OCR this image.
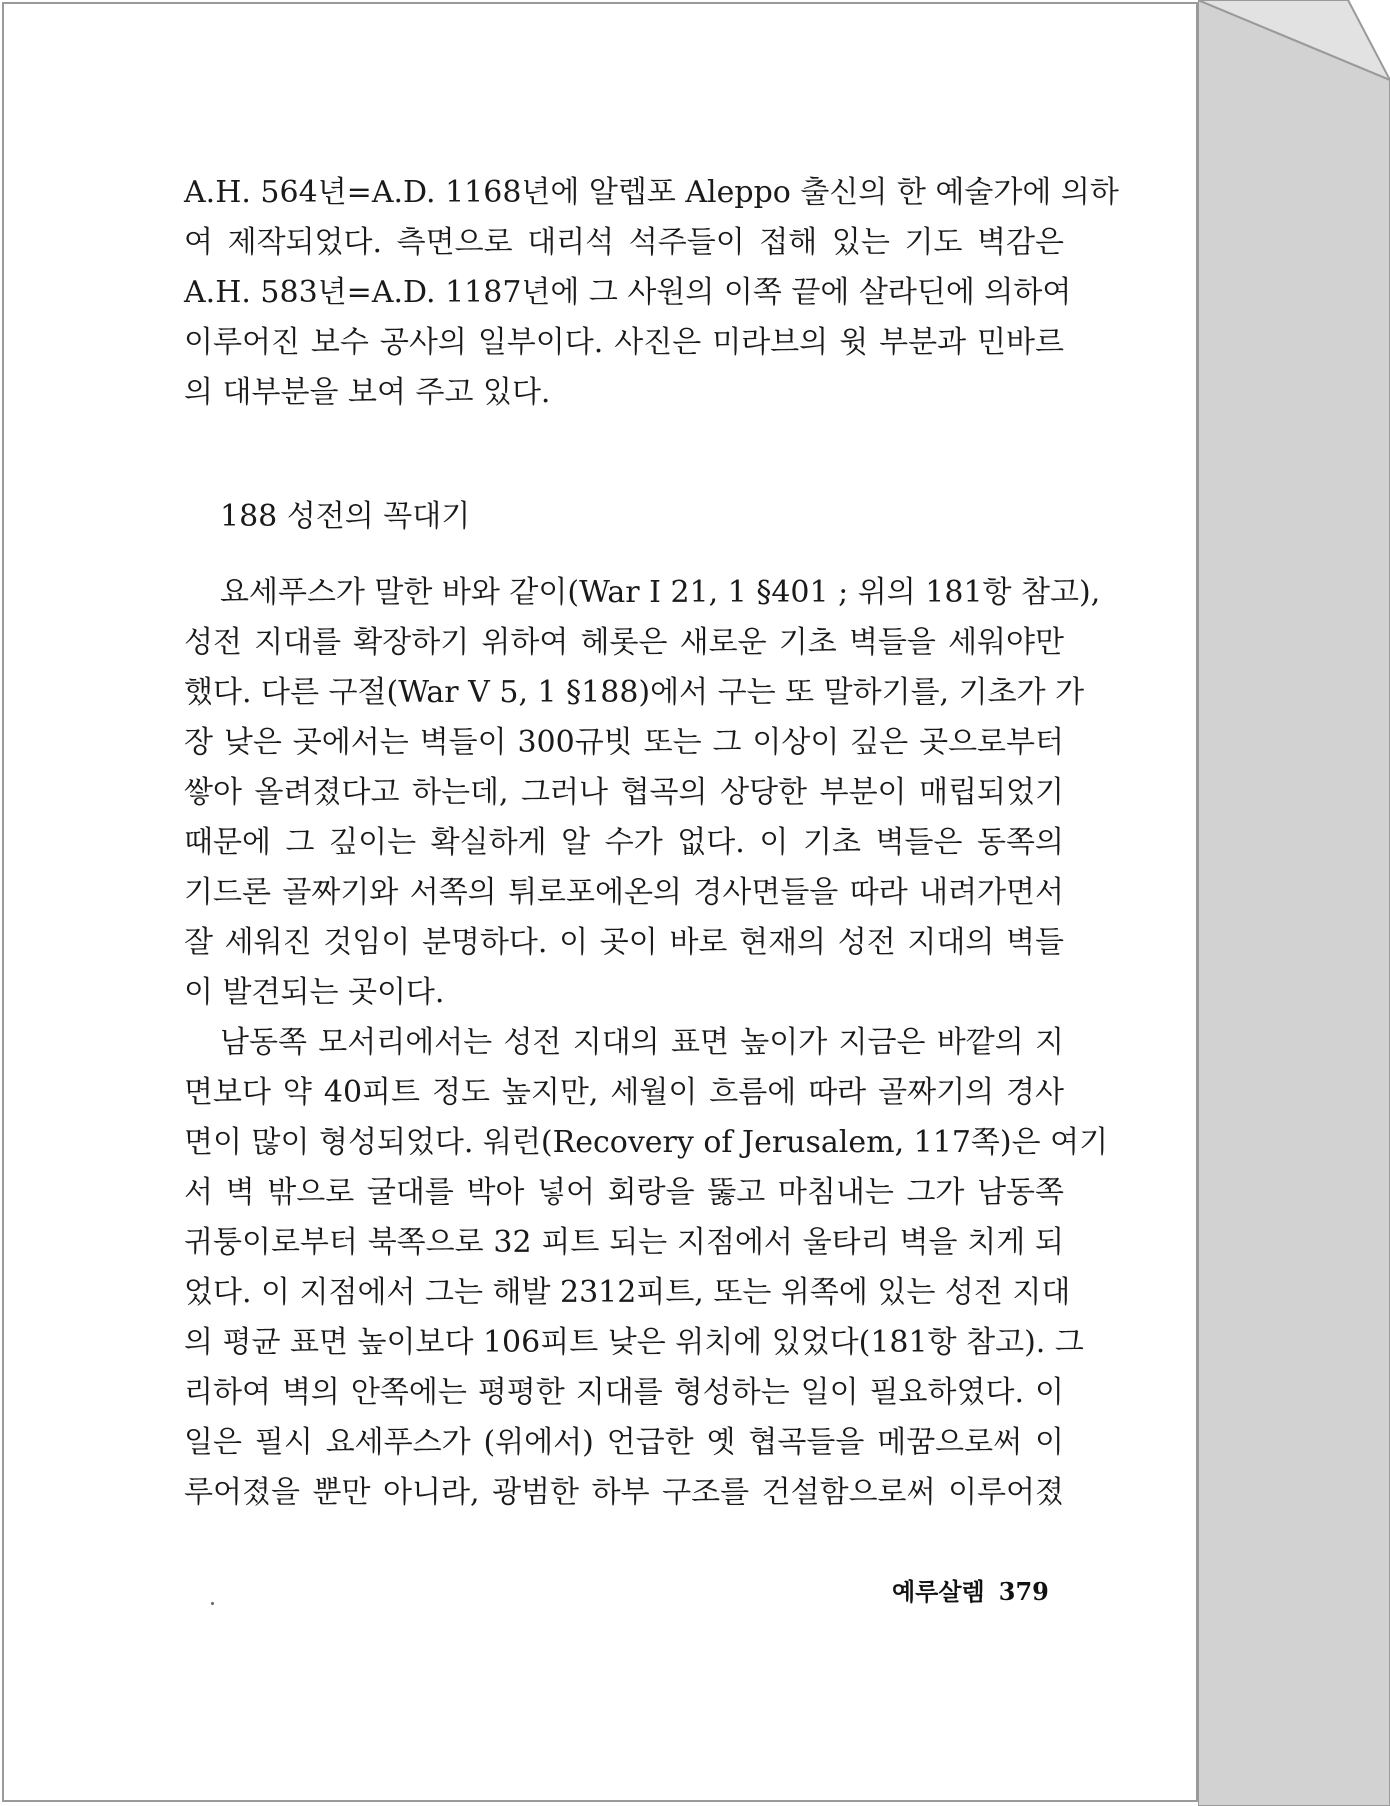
A.H. 564년=A.D. 1168년에 알렙포 Aleppo 출신의 한 예술가에 의하
여 제작되었다. 측면으로 대리석 석주들이 접해 있는 기도 벽감은
A.H. 583년=A.D. 1187년에 그 사원의 이쪽 끝에 살라딘에 의하여
이루어진 보수 공사의 일부이다. 사진은 미라브의 윗 부분과 민바르
의 대부분을 보여 주고 있다.
188 성전의 꼭대기
요세푸스가 말한 바와 같이(War I 21, 1 §401 ; 위의 181항 참고),
성전 지대를 확장하기 위하여 헤롯은 새로운 기초 벽들을 세워야만
했다. 다른 구절(War V 5, 1 §188)에서 구는 또 말하기를, 기초가 가
장 낮은 곳에서는 벽들이 300규빗 또는 그 이상이 깊은 곳으로부터
쌓아 올려졌다고 하는데, 그러나 협곡의 상당한 부분이 매립되었기
때문에 그 깊이는 확실하게 알 수가 없다. 이 기초 벽들은 동쪽의
기드론 골짜기와 서쪽의 튀로포에온의 경사면들을 따라 내려가면서
잘 세워진 것임이 분명하다. 이 곳이 바로 현재의 성전 지대의 벽들
이 발견되는 곳이다.
남동쪽 모서리에서는 성전 지대의 표면 높이가 지금은 바깥의 지
면보다 약 40피트 정도 높지만, 세월이 흐름에 따라 골짜기의 경사
면이 많이 형성되었다. 워런(Recovery of Jerusalem, 117쪽)은 여기
서 벽 밖으로 굴대를 박아 넣어 회랑을 뚫고 마침내는 그가 남동쪽
귀퉁이로부터 북쪽으로 32 피트 되는 지점에서 울타리 벽을 치게 되
었다. 이 지점에서 그는 해발 2312피트, 또는 위쪽에 있는 성전 지대
의 평균 표면 높이보다 106피트 낮은 위치에 있었다(181항 참고). 그
리하여 벽의 안쪽에는 평평한 지대를 형성하는 일이 필요하였다. 이
일은 필시 요세푸스가 (위에서) 언급한 옛 협곡들을 메꿈으로써 이
루어졌을 뿐만 아니라, 광범한 하부 구조를 건설함으로써 이루어졌
예루살렘 379
